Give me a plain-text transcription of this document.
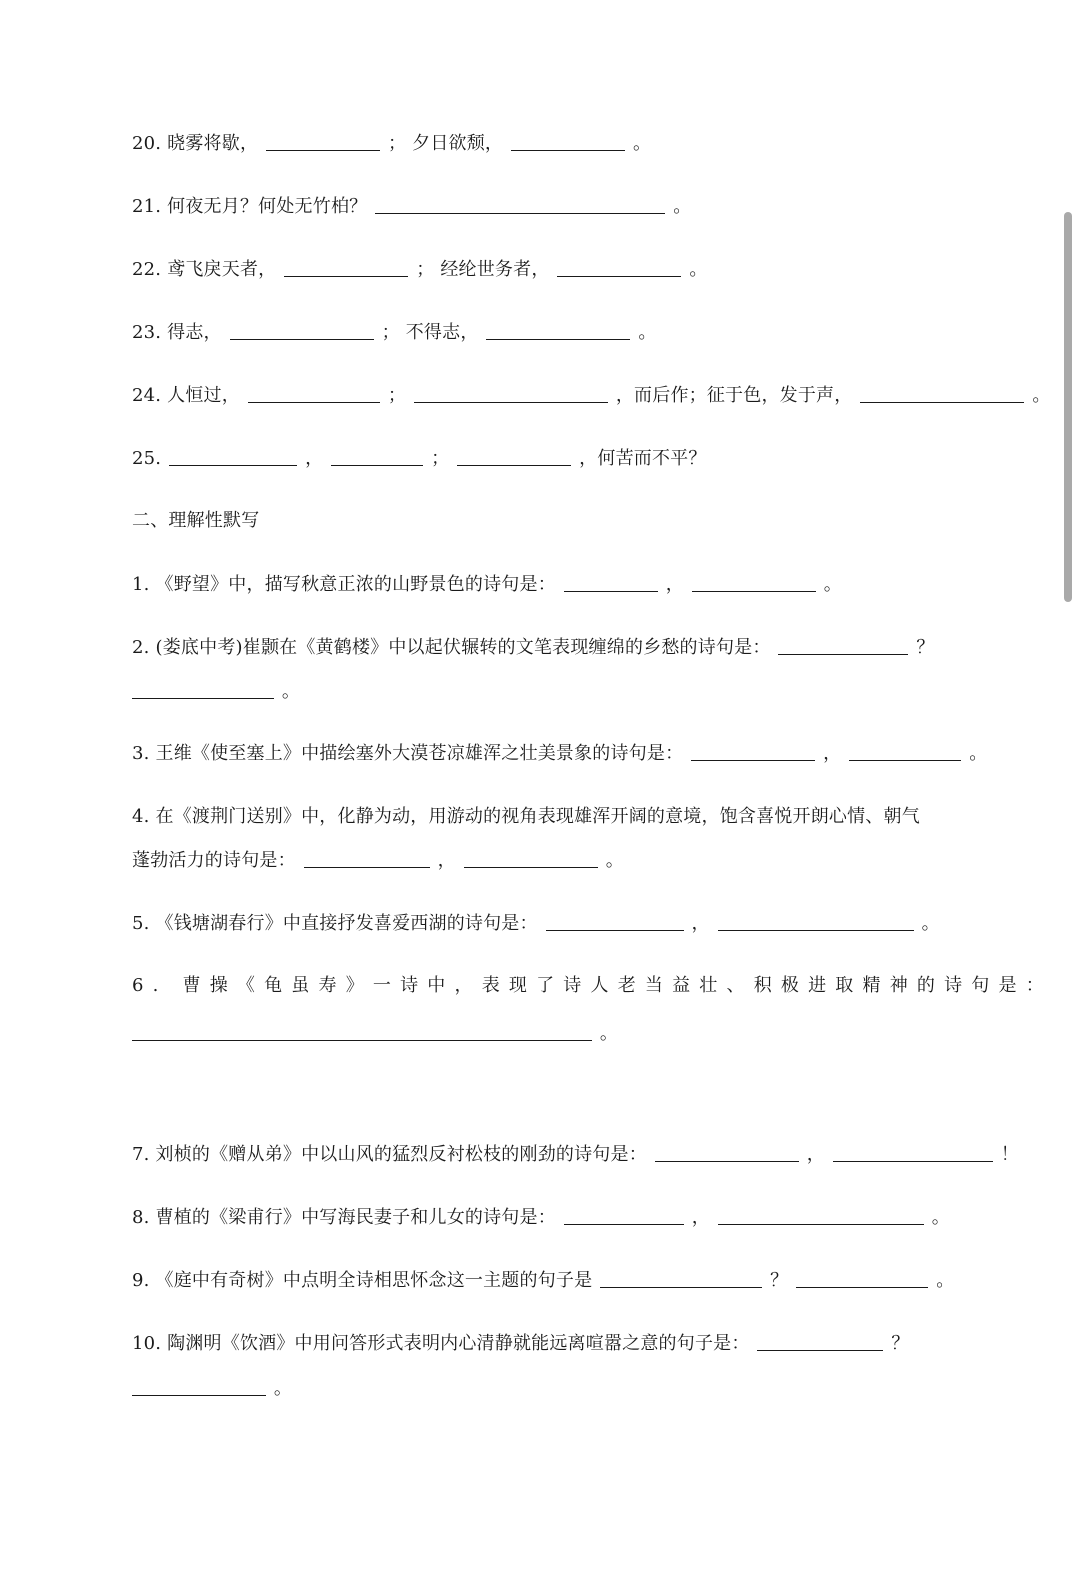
20. 晓雾将歇，	； 夕日欲颓，	。
21. 何夜无月？何处无竹柏？	。
22. 鸢飞戾天者，	； 经纶世务者，	。
23. 得志，	； 不得志，	。
24. 人恒过，	；	，而后作；征于色，发于声，	。
25.	，	；	，何苦而不平？
二、理解性默写
1. 《野望》中，描写秋意正浓的山野景色的诗句是：	，	。
2. (娄底中考)崔颢在《黄鹤楼》中以起伏辗转的文笔表现缠绵的乡愁的诗句是：	？
。
3. 王维《使至塞上》中描绘塞外大漠苍凉雄浑之壮美景象的诗句是：	，	。
4. 在《渡荆门送别》中，化静为动，用游动的视角表现雄浑开阔的意境，饱含喜悦开朗心情、朝气
蓬勃活力的诗句是：	，	。
5. 《钱塘湖春行》中直接抒发喜爱西湖的诗句是：	，	。
6. 曹操《龟虽寿》一诗中，表现了诗人老当益壮、积极进取精神的诗句是：
。
7. 刘桢的《赠从弟》中以山风的猛烈反衬松枝的刚劲的诗句是：	，	！
8. 曹植的《梁甫行》中写海民妻子和儿女的诗句是：	，	。
9. 《庭中有奇树》中点明全诗相思怀念这一主题的句子是	？	。
10. 陶渊明《饮酒》中用问答形式表明内心清静就能远离喧嚣之意的句子是：	？
。
